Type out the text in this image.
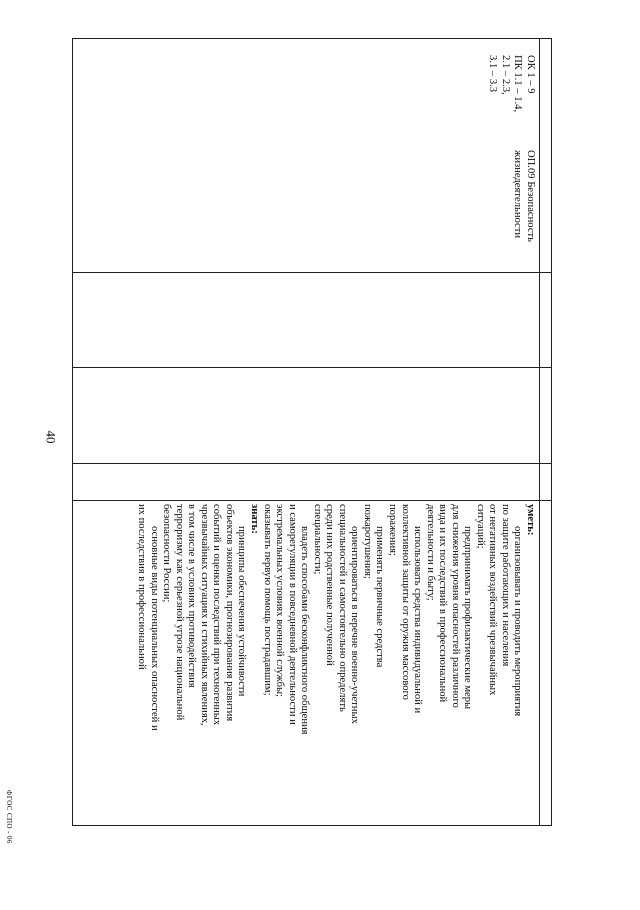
40
ФГОС СПО - 06

ОК 1 – 9

ПК 1.1 – 1.4,

2.1 – 2.3,

3.1 – 3.3

ОП.09 Безопасность

жизнедеятельности

уметь:

организовывать и проводить мероприятия

по защите работающих и населения

от негативных воздействий чрезвычайных

ситуаций;

предпринимать профилактические меры

для снижения уровня опасностей различного

вида и их последствий в профессиональной

деятельности и быту;

использовать средства индивидуальной и

коллективной защиты от оружия массового

поражения;

применять первичные средства

пожаротушения;

ориентироваться в перечне военно-учетных

специальностей и самостоятельно определять

среди них родственные полученной

специальности;

владеть способами бесконфликтного общения

и саморегуляции в повседневной деятельности и

экстремальных условиях военной службы;

оказывать первую помощь пострадавшим;

знать:

принципы обеспечения устойчивости

объектов экономики, прогнозирования развития

событий и оценки последствий при техногенных

чрезвычайных ситуациях и стихийных явлениях,

в том числе в условиях противодействия

терроризму как серьезной угрозе национальной

безопасности России;

основные виды потенциальных опасностей и

их последствия в профессиональной
